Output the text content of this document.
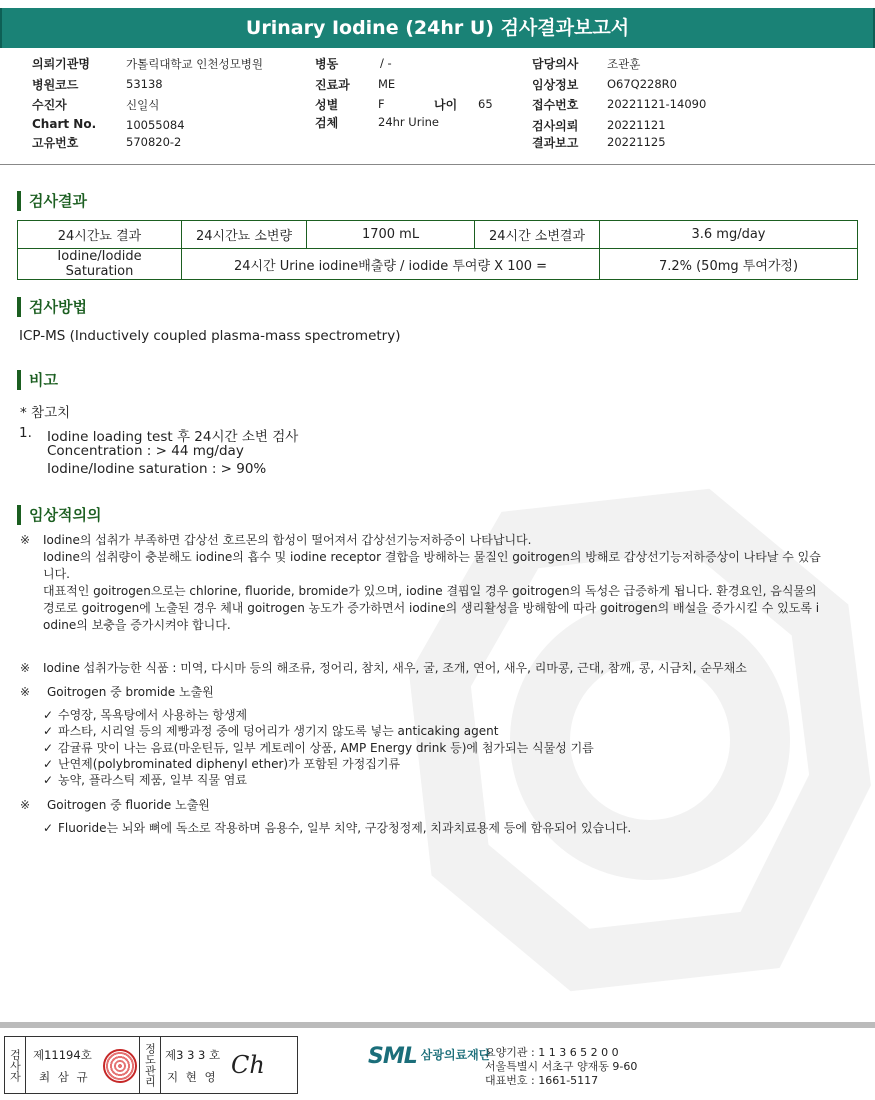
Urinary Iodine (24hr U) 검사결과보고서
의뢰기관명	가톨릭대학교 인천성모병원
병원코드	53138
수진자	신일식
Chart No.	10055084
고유번호	570820-2
병동	/ -
진료과 ME
성별	F	나이 65
검체	24hr Urine
담당의사 조관훈
임상정보 O67Q228R0
접수번호 20221121-14090
검사의뢰 20221121
결과보고 20221125
검사결과
24시간뇨 결과	24시간뇨 소변량	1700 mL	24시간 소변결과	3.6 mg/day
Iodine/Iodide Saturation	24시간 Urine iodine배출량 / iodide 투여량 X 100 =			7.2% (50mg 투여가정)
검사방법
ICP-MS (Inductively coupled plasma-mass spectrometry)
비고
* 참고치
1. Iodine loading test 후 24시간 소변 검사
Concentration : > 44 mg/day
Iodine/Iodine saturation : > 90%
임상적의의
※ Iodine의 섭취가 부족하면 갑상선 호르몬의 합성이 떨어져서 갑상선기능저하증이 나타납니다.
Iodine의 섭취량이 충분해도 iodine의 흡수 및 iodine receptor 결합을 방해하는 물질인 goitrogen의 방해로 갑상선기능저하증상이 나타날 수 있습
니다.
대표적인 goitrogen으로는 chlorine, fluoride, bromide가 있으며, iodine 결핍일 경우 goitrogen의 독성은 급증하게 됩니다. 환경요인, 음식물의
경로로 goitrogen에 노출된 경우 체내 goitrogen 농도가 증가하면서 iodine의 생리활성을 방해함에 따라 goitrogen의 배설을 증가시킬 수 있도록 i
odine의 보충을 증가시켜야 합니다.
※ Iodine 섭취가능한 식품 : 미역, 다시마 등의 해조류, 정어리, 참치, 새우, 굴, 조개, 연어, 새우, 리마콩, 근대, 참깨, 콩, 시금치, 순무채소
※ Goitrogen 중 bromide 노출원
✓ 수영장, 목욕탕에서 사용하는 항생제
✓ 파스타, 시리얼 등의 제빵과정 중에 덩어리가 생기지 않도록 넣는 anticaking agent
✓ 감귤류 맛이 나는 음료(마운틴듀, 일부 게토레이 상품, AMP Energy drink 등)에 첨가되는 식물성 기름
✓ 난연제(polybrominated diphenyl ether)가 포함된 가정집기류
✓ 농약, 플라스틱 제품, 일부 직물 염료
※ Goitrogen 중 fluoride 노출원
✓ Fluoride는 뇌와 뼈에 독소로 작용하며 음용수, 일부 치약, 구강청정제, 치과치료용제 등에 함유되어 있습니다.
검사자	제11194호
최 삼 규	정도관리 제3 3 3 호
지 현 영 Ch	SML $^{삼광의료재단}$
요양기관 : 1 1 3 6 5 2 0 0
서울특별시 서초구 양재동 9-60
대표번호 : 1661-5117
